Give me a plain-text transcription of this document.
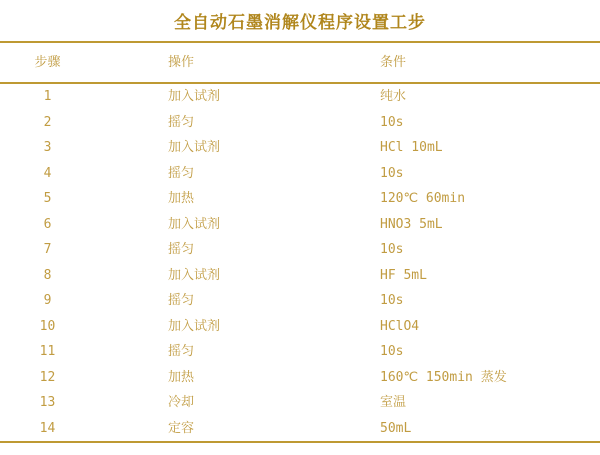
全自动石墨消解仪程序设置工步
步骤	操作	条件
1	加入试剂	纯水
2	摇匀	10s
3	加入试剂	HCl 10mL
4	摇匀	10s
5	加热	120℃ 60min
6	加入试剂	HNO3 5mL
7	摇匀	10s
8	加入试剂	HF 5mL
9	摇匀	10s
10	加入试剂	HClO4
11	摇匀	10s
12	加热	160℃ 150min 蒸发
13	冷却	室温
14	定容	50mL
